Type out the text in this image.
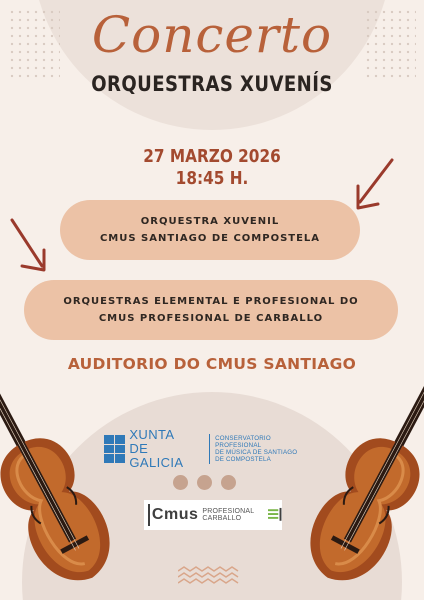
Concerto
ORQUESTRAS XUVENÍS
27 MARZO 2026
18:45 H.
ORQUESTRA XUVENIL
CMUS SANTIAGO DE COMPOSTELA
ORQUESTRAS ELEMENTAL E PROFESIONAL DO
CMUS PROFESIONAL DE CARBALLO
AUDITORIO DO CMUS SANTIAGO
XUNTA
DE GALICIA
CONSERVATORIO PROFESIONAL
DE MÚSICA DE SANTIAGO
DE COMPOSTELA
Cmus PROFESIONAL CARBALLO
